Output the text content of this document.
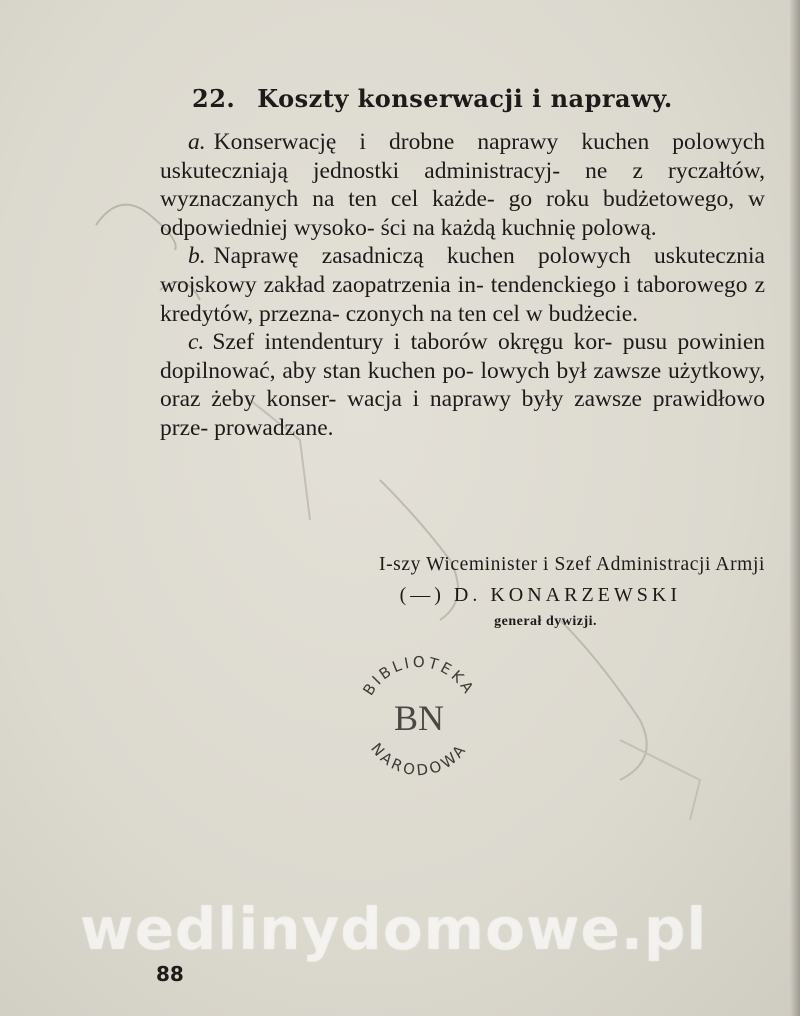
22. Koszty konserwacji i naprawy.

a. Konserwację i drobne naprawy kuchen polowych uskuteczniają jednostki administracyj- ne z ryczałtów, wyznaczanych na ten cel każde- go roku budżetowego, w odpowiedniej wysoko- ści na każdą kuchnię polową.

b. Naprawę zasadniczą kuchen polowych uskutecznia wojskowy zakład zaopatrzenia in- tendenckiego i taborowego z kredytów, przezna- czonych na ten cel w budżecie.

c. Szef intendentury i taborów okręgu kor- pusu powinien dopilnować, aby stan kuchen po- lowych był zawsze użytkowy, oraz żeby konser- wacja i naprawy były zawsze prawidłowo prze- prowadzane.

I-szy Wiceminister i Szef Administracji Armji
(—) D. KONARZEWSKI
generał dywizji.
BIBLIOTEKA
BN
NARODOWA
wedlinydomowe.pl
88
